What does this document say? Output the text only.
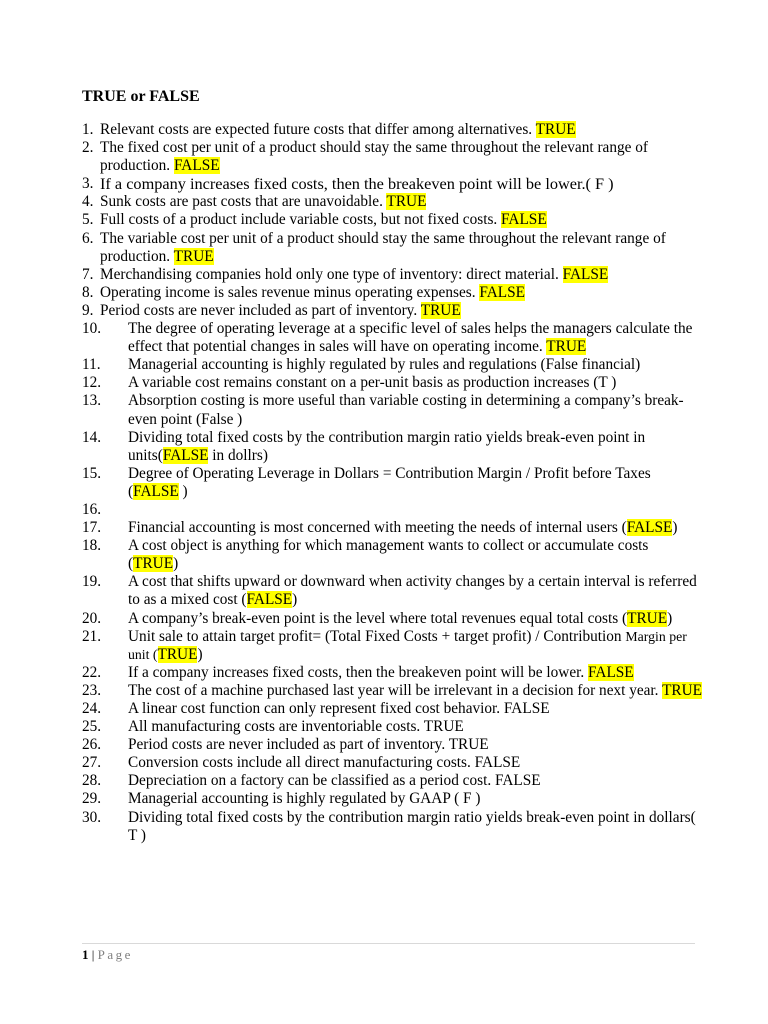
TRUE or FALSE
1. Relevant costs are expected future costs that differ among alternatives. TRUE
2. The fixed cost per unit of a product should stay the same throughout the relevant range of production. FALSE
3. If a company increases fixed costs, then the breakeven point will be lower.( F )
4. Sunk costs are past costs that are unavoidable. TRUE
5. Full costs of a product include variable costs, but not fixed costs. FALSE
6. The variable cost per unit of a product should stay the same throughout the relevant range of production. TRUE
7. Merchandising companies hold only one type of inventory: direct material. FALSE
8. Operating income is sales revenue minus operating expenses. FALSE
9. Period costs are never included as part of inventory. TRUE
10.	The degree of operating leverage at a specific level of sales helps the managers calculate the effect that potential changes in sales will have on operating income. TRUE
11.	Managerial accounting is highly regulated by rules and regulations (False financial)
12.	A variable cost remains constant on a per-unit basis as production increases (T )
13.	Absorption costing is more useful than variable costing in determining a company’s break-even point (False )
14.	Dividing total fixed costs by the contribution margin ratio yields break-even point in units(FALSE in dollrs)
15.	Degree of Operating Leverage in Dollars = Contribution Margin / Profit before Taxes (FALSE )
16.

17.	Financial accounting is most concerned with meeting the needs of internal users (FALSE)
18.	A cost object is anything for which management wants to collect or accumulate costs (TRUE)
19.	A cost that shifts upward or downward when activity changes by a certain interval is referred to as a mixed cost (FALSE)
20.	A company’s break-even point is the level where total revenues equal total costs (TRUE)
21.	Unit sale to attain target profit= (Total Fixed Costs + target profit) / Contribution Margin per unit (TRUE)
22.	If a company increases fixed costs, then the breakeven point will be lower. FALSE
23.	The cost of a machine purchased last year will be irrelevant in a decision for next year. TRUE
24.	A linear cost function can only represent fixed cost behavior. FALSE
25.	All manufacturing costs are inventoriable costs. TRUE
26.	Period costs are never included as part of inventory. TRUE
27.	Conversion costs include all direct manufacturing costs. FALSE
28.	Depreciation on a factory can be classified as a period cost. FALSE
29.	Managerial accounting is highly regulated by GAAP ( F )
30.	Dividing total fixed costs by the contribution margin ratio yields break-even point in dollars( T )
1 | Page
